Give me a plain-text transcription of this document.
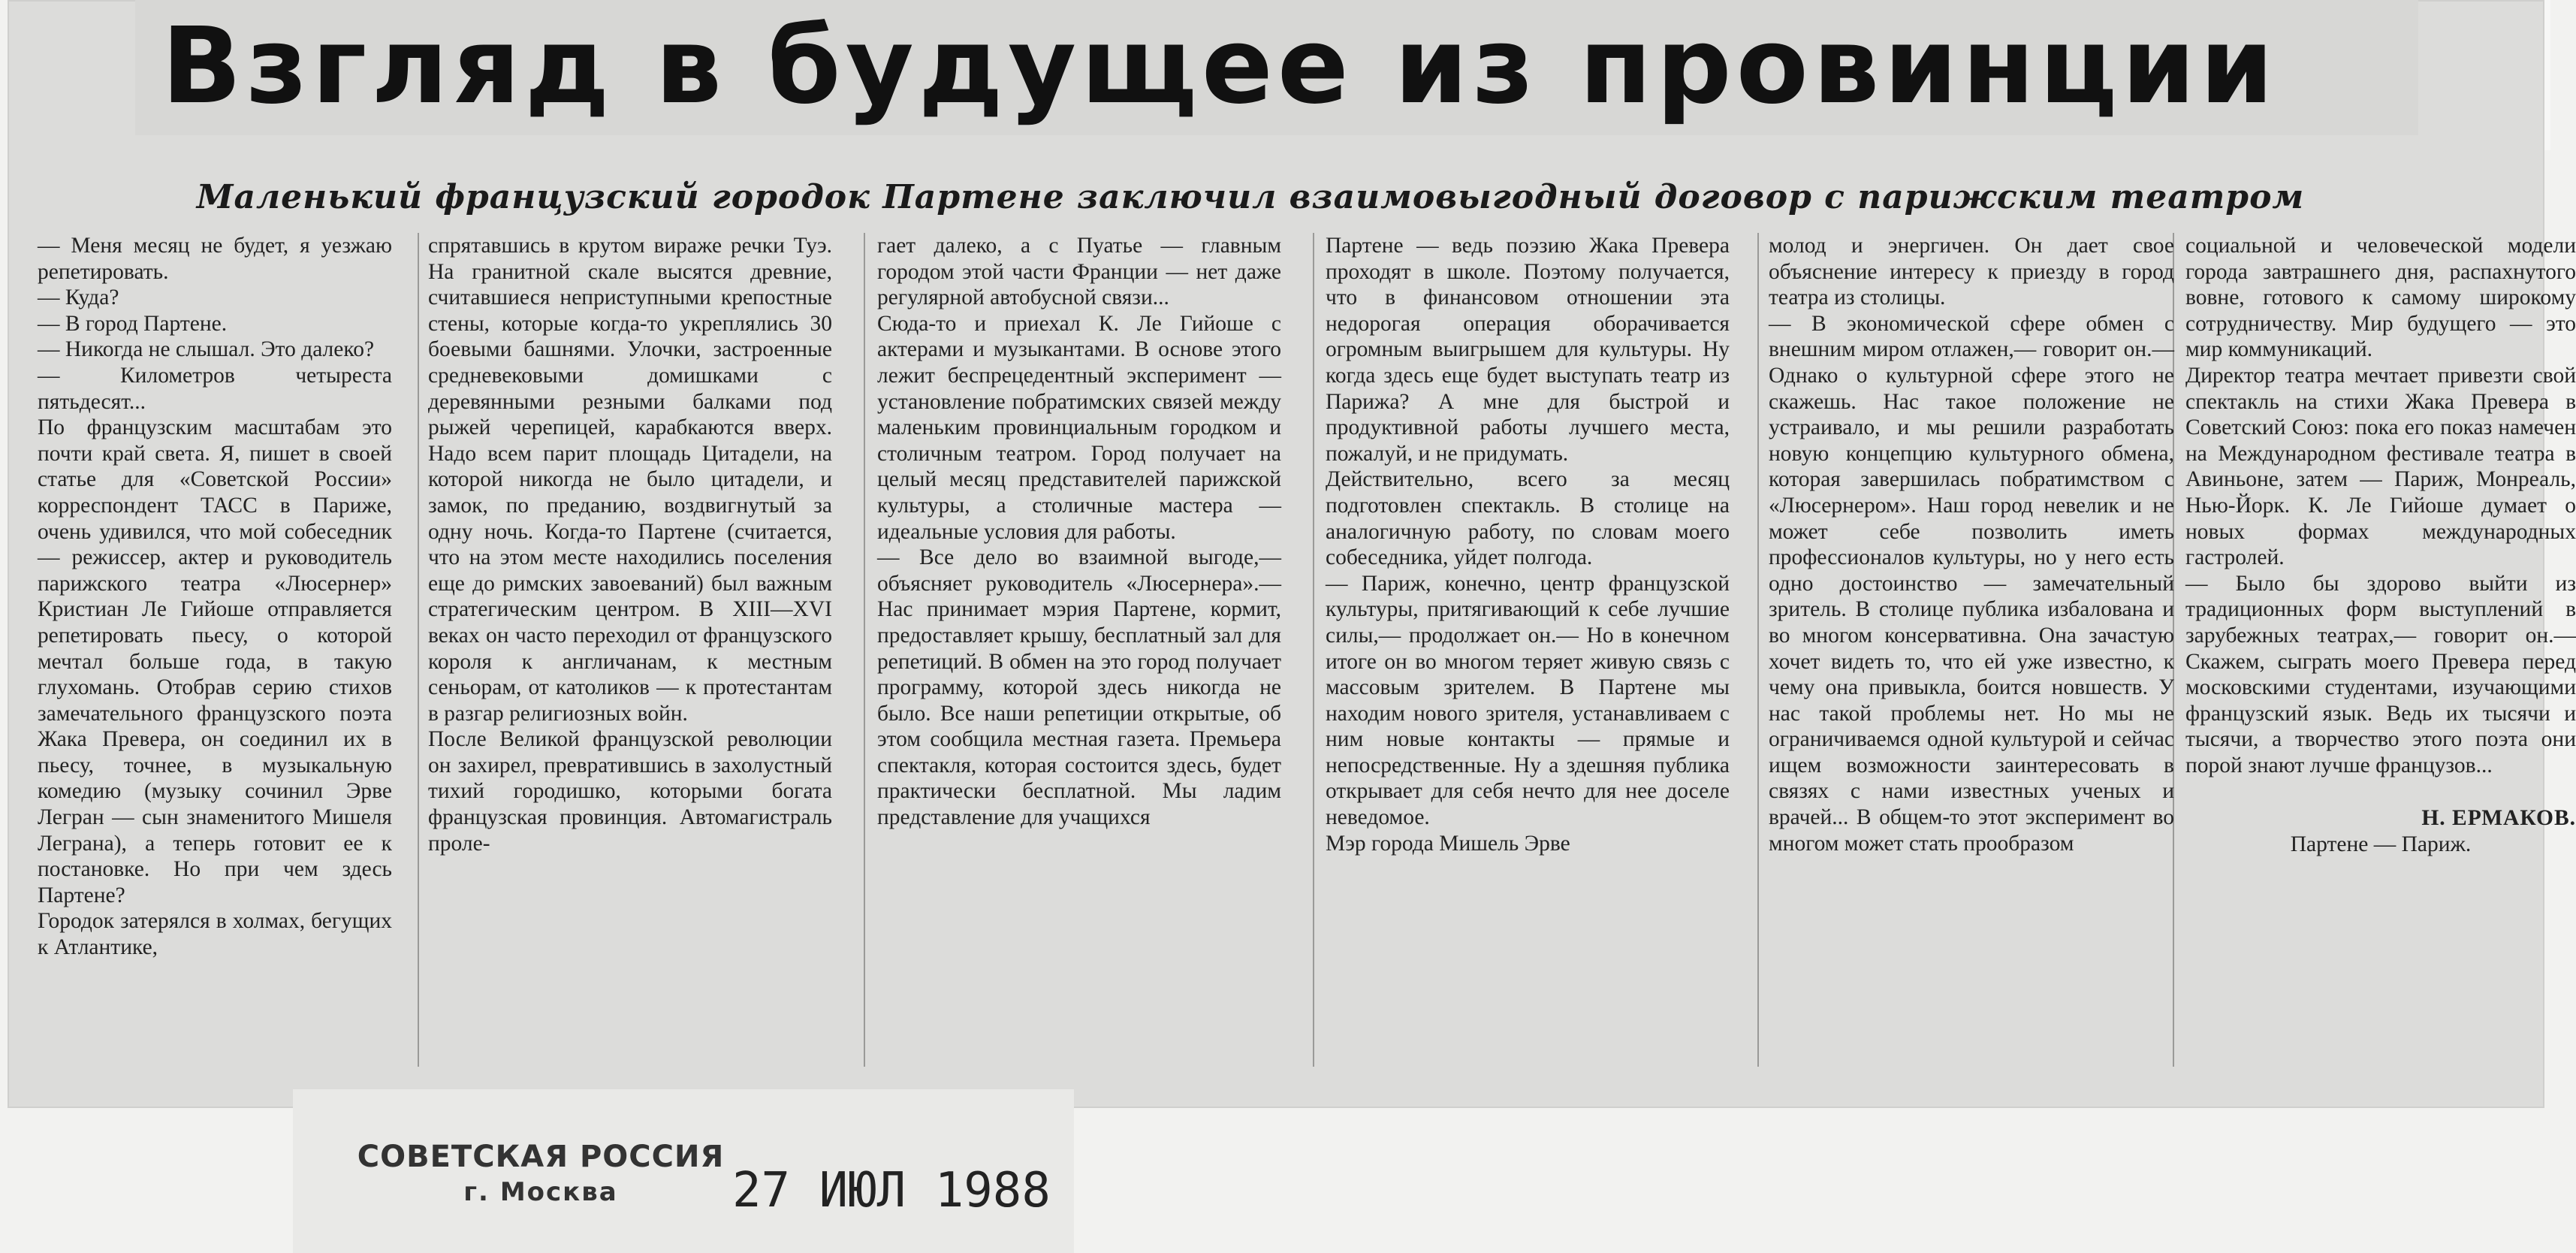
Взгляд в будущее из провинции
Маленький французский городок Партене заключил взаимовыгодный договор с парижским театром

— Меня месяц не будет, я уезжаю репетировать.
— Куда?
— В город Партене.
— Никогда не слышал. Это далеко?
— Километров четыреста пятьдесят...
По французским масштабам это почти край света. Я, пишет в своей статье для «Советской России» корреспондент ТАСС в Париже, очень удивился, что мой собеседник — режиссер, актер и руководитель парижского театра «Люсернер» Кристиан Ле Гийоше отправляется репетировать пьесу, о которой мечтал больше года, в такую глухомань. Отобрав серию стихов замечательного французского поэта Жака Превера, он соединил их в пьесу, точнее, в музыкальную комедию (музыку сочинил Эрве Легран — сын знаменитого Мишеля Леграна), а теперь готовит ее к постановке. Но при чем здесь Партене?
Городок затерялся в холмах, бегущих к Атлантике,

спрятавшись в крутом вираже речки Туэ. На гранитной скале высятся древние, считавшиеся неприступными крепостные стены, которые когда-то укреплялись 30 боевыми башнями. Улочки, застроенные средневековыми домишками с деревянными резными балками под рыжей черепицей, карабкаются вверх. Надо всем парит площадь Цитадели, на которой никогда не было цитадели, и замок, по преданию, воздвигнутый за одну ночь. Когда-то Партене (считается, что на этом месте находились поселения еще до римских завоеваний) был важным стратегическим центром. В XIII—XVI веках он часто переходил от французского короля к англичанам, к местным сеньорам, от католиков — к протестантам в разгар религиозных войн.
После Великой французской революции он захирел, превратившись в захолустный тихий городишко, которыми богата французская провинция. Автомагистраль проле-

гает далеко, а с Пуатье — главным городом этой части Франции — нет даже регулярной автобусной связи...
Сюда-то и приехал К. Ле Гийоше с актерами и музыкантами. В основе этого лежит беспрецедентный эксперимент — установление побратимских связей между маленьким провинциальным городком и столичным театром. Город получает на целый месяц представителей парижской культуры, а столичные мастера — идеальные условия для работы.
— Все дело во взаимной выгоде,— объясняет руководитель «Люсернера».— Нас принимает мэрия Партене, кормит, предоставляет крышу, бесплатный зал для репетиций. В обмен на это город получает программу, которой здесь никогда не было. Все наши репетиции открытые, об этом сообщила местная газета. Премьера спектакля, которая состоится здесь, будет практически бесплатной. Мы ладим представление для учащихся

Партене — ведь поэзию Жака Превера проходят в школе. Поэтому получается, что в финансовом отношении эта недорогая операция оборачивается огромным выигрышем для культуры. Ну когда здесь еще будет выступать театр из Парижа? А мне для быстрой и продуктивной работы лучшего места, пожалуй, и не придумать.
Действительно, всего за месяц подготовлен спектакль. В столице на аналогичную работу, по словам моего собеседника, уйдет полгода.
— Париж, конечно, центр французской культуры, притягивающий к себе лучшие силы,— продолжает он.— Но в конечном итоге он во многом теряет живую связь с массовым зрителем. В Партене мы находим нового зрителя, устанавливаем с ним новые контакты — прямые и непосредственные. Ну а здешняя публика открывает для себя нечто для нее доселе неведомое.
Мэр города Мишель Эрве

молод и энергичен. Он дает свое объяснение интересу к приезду в город театра из столицы.
— В экономической сфере обмен с внешним миром отлажен,— говорит он.— Однако о культурной сфере этого не скажешь. Нас такое положение не устраивало, и мы решили разработать новую концепцию культурного обмена, которая завершилась побратимством с «Люсернером». Наш город невелик и не может себе позволить иметь профессионалов культуры, но у него есть одно достоинство — замечательный зритель. В столице публика избалована и во многом консервативна. Она зачастую хочет видеть то, что ей уже известно, к чему она привыкла, боится новшеств. У нас такой проблемы нет. Но мы не ограничиваемся одной культурой и сейчас ищем возможности заинтересовать в связях с нами известных ученых и врачей... В общем-то этот эксперимент во многом может стать прообразом

социальной и человеческой модели города завтрашнего дня, распахнутого вовне, готового к самому широкому сотрудничеству. Мир будущего — это мир коммуникаций.
Директор театра мечтает привезти свой спектакль на стихи Жака Превера в Советский Союз: пока его показ намечен на Международном фестивале театра в Авиньоне, затем — Париж, Монреаль, Нью-Йорк. К. Ле Гийоше думает о новых формах международных гастролей.
— Было бы здорово выйти из традиционных форм выступлений в зарубежных театрах,— говорит он.— Скажем, сыграть моего Превера перед московскими студентами, изучающими французский язык. Ведь их тысячи и тысячи, а творчество этого поэта они порой знают лучше французов...

Н. ЕРМАКОВ.

Партене — Париж.

СОВЕТСКАЯ РОССИЯ
г. Москва	27 ИЮЛ 1988
